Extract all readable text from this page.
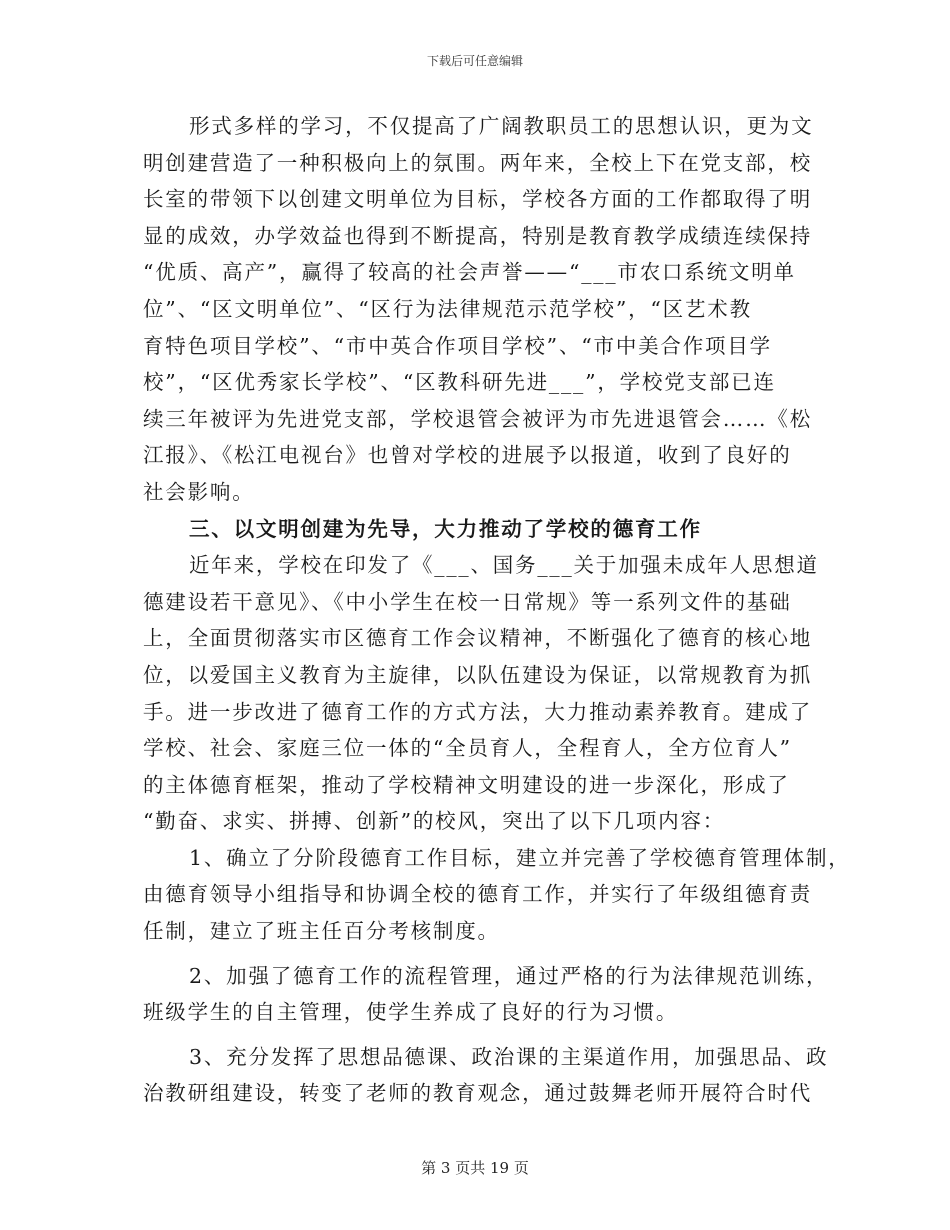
下载后可任意编辑
形式多样的学习，不仅提高了广阔教职员工的思想认识，更为文
明创建营造了一种积极向上的氛围。两年来，全校上下在党支部，校
长室的带领下以创建文明单位为目标，学校各方面的工作都取得了明
显的成效，办学效益也得到不断提高，特别是教育教学成绩连续保持
“优质、高产”，赢得了较高的社会声誉——“___市农口系统文明单
位”、“区文明单位”、“区行为法律规范示范学校”，“区艺术教
育特色项目学校”、“市中英合作项目学校”、“市中美合作项目学
校”，“区优秀家长学校”、“区教科研先进___”，学校党支部已连
续三年被评为先进党支部，学校退管会被评为市先进退管会……《松
江报》、《松江电视台》也曾对学校的进展予以报道，收到了良好的
社会影响。
三、以文明创建为先导，大力推动了学校的德育工作
近年来，学校在印发了《___、国务___关于加强未成年人思想道
德建设若干意见》、《中小学生在校一日常规》等一系列文件的基础
上，全面贯彻落实市区德育工作会议精神，不断强化了德育的核心地
位，以爱国主义教育为主旋律，以队伍建设为保证，以常规教育为抓
手。进一步改进了德育工作的方式方法，大力推动素养教育。建成了
学校、社会、家庭三位一体的“全员育人，全程育人，全方位育人”
的主体德育框架，推动了学校精神文明建设的进一步深化，形成了
“勤奋、求实、拼搏、创新”的校风，突出了以下几项内容：
1、确立了分阶段德育工作目标，建立并完善了学校德育管理体制，
由德育领导小组指导和协调全校的德育工作，并实行了年级组德育责
任制，建立了班主任百分考核制度。
2、加强了德育工作的流程管理，通过严格的行为法律规范训练，
班级学生的自主管理，使学生养成了良好的行为习惯。
3、充分发挥了思想品德课、政治课的主渠道作用，加强思品、政
治教研组建设，转变了老师的教育观念，通过鼓舞老师开展符合时代
第 3 页共 19 页
